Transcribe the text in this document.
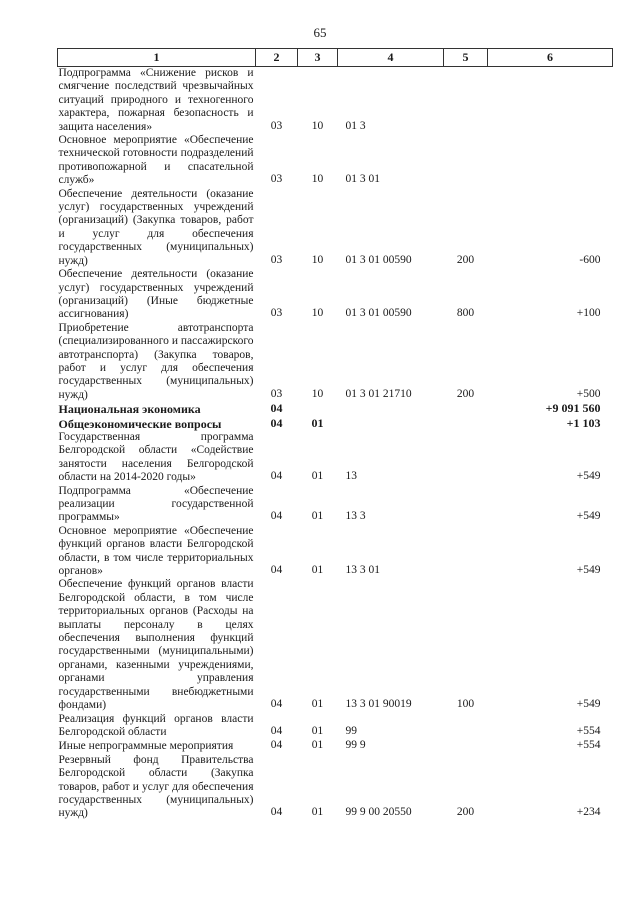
65
1	2	3	4	5	6
Подпрограмма «Снижение рисков и смягчение последствий чрезвычайных ситуаций природного и техногенного характера, пожарная безопасность и защита населения»	03	10	01 3		
Основное мероприятие «Обеспечение технической готовности подразделений противопожарной и спасательной служб»	03	10	01 3 01		
Обеспечение деятельности (оказание услуг) государственных учреждений (организаций) (Закупка товаров, работ и услуг для обеспечения государственных (муниципальных) нужд)	03	10	01 3 01 00590	200	-600
Обеспечение деятельности (оказание услуг) государственных учреждений (организаций) (Иные бюджетные ассигнования)	03	10	01 3 01 00590	800	+100
Приобретение автотранспорта (специализированного и пассажирского автотранспорта) (Закупка товаров, работ и услуг для обеспечения государственных (муниципальных) нужд)	03	10	01 3 01 21710	200	+500
Национальная экономика	04				+9 091 560
Общеэкономические вопросы	04	01			+1 103
Государственная программа Белгородской области «Содействие занятости населения Белгородской области на 2014-2020 годы»	04	01	13		+549
Подпрограмма «Обеспечение реализации государственной программы»	04	01	13 3		+549
Основное мероприятие «Обеспечение функций органов власти Белгородской области, в том числе территориальных органов»	04	01	13 3 01		+549
Обеспечение функций органов власти Белгородской области, в том числе территориальных органов (Расходы на выплаты персоналу в целях обеспечения выполнения функций государственными (муниципальными) органами, казенными учреждениями, органами управления государственными внебюджетными фондами)	04	01	13 3 01 90019	100	+549
Реализация функций органов власти Белгородской области	04	01	99		+554
Иные непрограммные мероприятия	04	01	99 9		+554
Резервный фонд Правительства Белгородской области (Закупка товаров, работ и услуг для обеспечения государственных (муниципальных) нужд)	04	01	99 9 00 20550	200	+234
